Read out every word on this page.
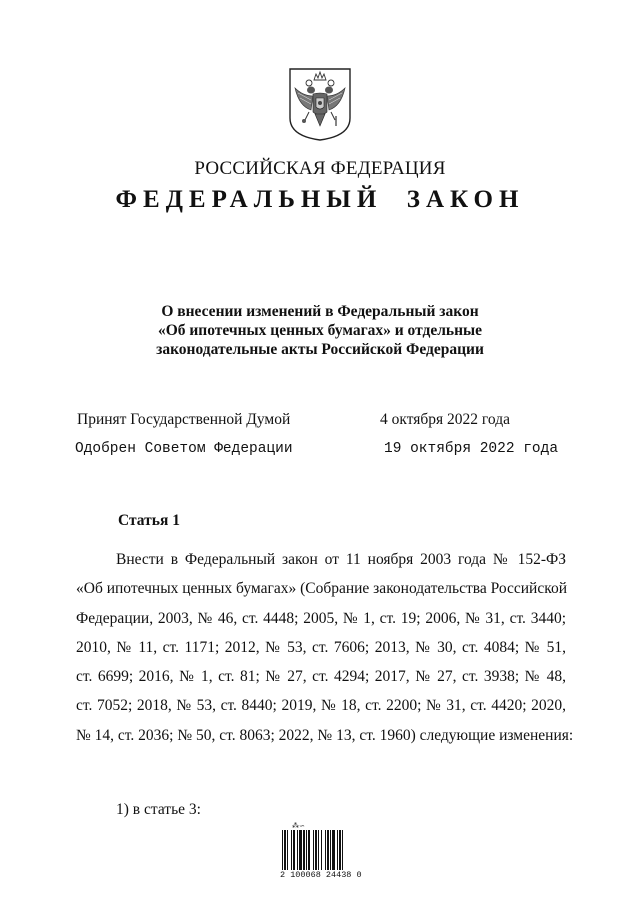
РОССИЙСКАЯ ФЕДЕРАЦИЯ
ФЕДЕРАЛЬНЫЙ  ЗАКОН
О внесении изменений в Федеральный закон
«Об ипотечных ценных бумагах» и отдельные
законодательные акты Российской Федерации
Принят Государственной Думой	4 октября 2022 года
Одобрен Советом Федерации	19 октября 2022 года
Статья 1
Внести в Федеральный закон от 11 ноября 2003 года № 152-ФЗ
«Об ипотечных ценных бумагах» (Собрание законодательства Российской
Федерации, 2003, № 46, ст. 4448; 2005, № 1, ст. 19; 2006, № 31, ст. 3440;
2010, № 11, ст. 1171; 2012, № 53, ст. 7606; 2013, № 30, ст. 4084; № 51,
ст. 6699; 2016, № 1, ст. 81; № 27, ст. 4294; 2017, № 27, ст. 3938; № 48,
ст. 7052; 2018, № 53, ст. 8440; 2019, № 18, ст. 2200; № 31, ст. 4420; 2020,
№ 14, ст. 2036; № 50, ст. 8063; 2022, № 13, ст. 1960) следующие изменения:
1) в статье 3:
⁂∽
2 100068 24438 0
